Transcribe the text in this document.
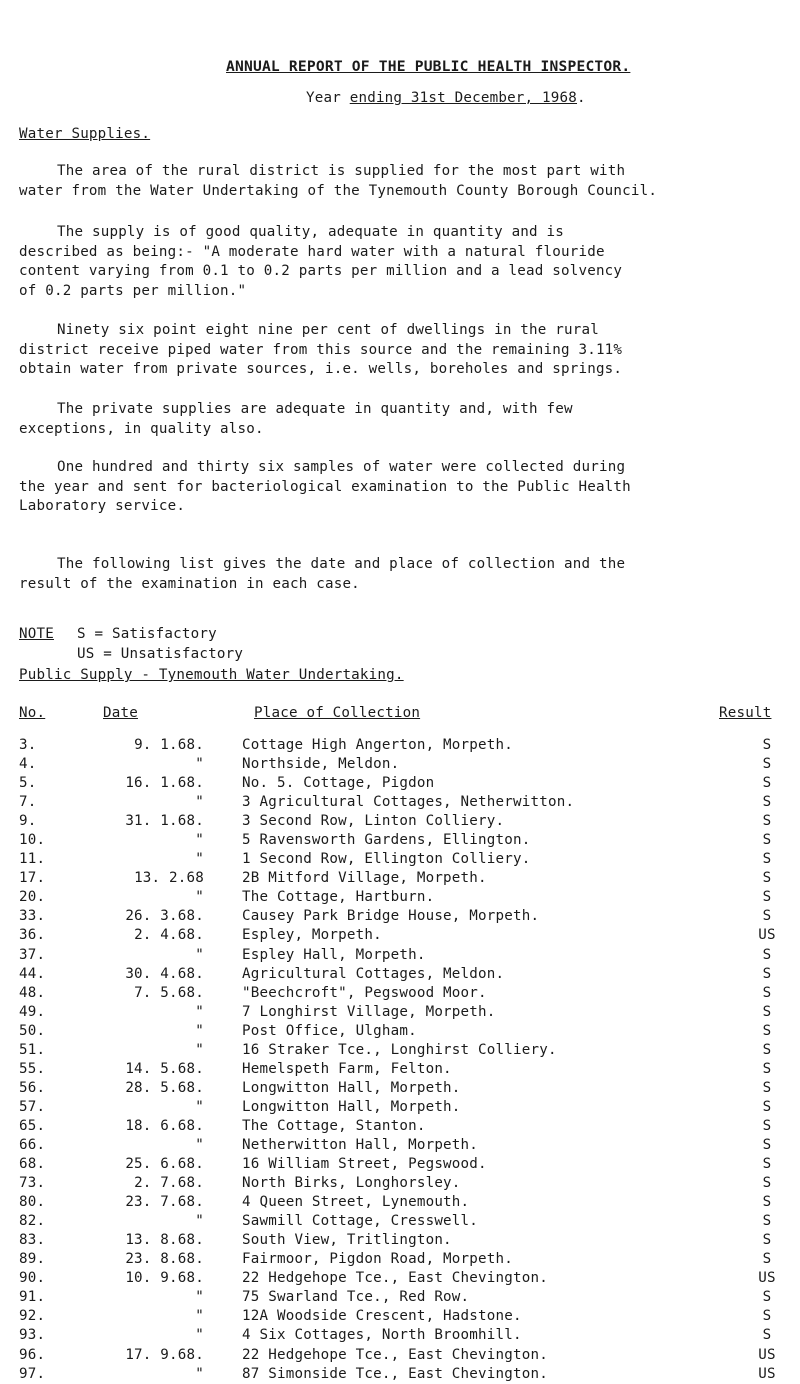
ANNUAL REPORT OF THE PUBLIC HEALTH INSPECTOR.
Year ending 31st December, 1968.
Water Supplies.

The area of the rural district is supplied for the most part with

water from the Water Undertaking of the Tynemouth County Borough Council.

The supply is of good quality, adequate in quantity and is

described as being:- "A moderate hard water with a natural flouride

content varying from 0.1 to 0.2 parts per million and a lead solvency

of 0.2 parts per million."

Ninety six point eight nine per cent of dwellings in the rural

district receive piped water from this source and the remaining 3.11%

obtain water from private sources, i.e. wells, boreholes and springs.

The private supplies are adequate in quantity and, with few

exceptions, in quality also.

One hundred and thirty six samples of water were collected during

the year and sent for bacteriological examination to the Public Health

Laboratory service.

The following list gives the date and place of collection and the

result of the examination in each case.

NOTE S = Satisfactory
US = Unsatisfactory
Public Supply - Tynemouth Water Undertaking.
No.	Date	Place of Collection	Result
3.	9. 1.68.	Cottage High Angerton, Morpeth.	S
4.	"	Northside, Meldon.	S
5.	16. 1.68.	No. 5. Cottage, Pigdon	S
7.	"	3 Agricultural Cottages, Netherwitton.	S
9.	31. 1.68.	3 Second Row, Linton Colliery.	S
10.	"	5 Ravensworth Gardens, Ellington.	S
11.	"	1 Second Row, Ellington Colliery.	S
17.	13. 2.68	2B Mitford Village, Morpeth.	S
20.	"	The Cottage, Hartburn.	S
33.	26. 3.68.	Causey Park Bridge House, Morpeth.	S
36.	2. 4.68.	Espley, Morpeth.	US
37.	"	Espley Hall, Morpeth.	S
44.	30. 4.68.	Agricultural Cottages, Meldon.	S
48.	7. 5.68.	"Beechcroft", Pegswood Moor.	S
49.	"	7 Longhirst Village, Morpeth.	S
50.	"	Post Office, Ulgham.	S
51.	"	16 Straker Tce., Longhirst Colliery.	S
55.	14. 5.68.	Hemelspeth Farm, Felton.	S
56.	28. 5.68.	Longwitton Hall, Morpeth.	S
57.	"	Longwitton Hall, Morpeth.	S
65.	18. 6.68.	The Cottage, Stanton.	S
66.	"	Netherwitton Hall, Morpeth.	S
68.	25. 6.68.	16 William Street, Pegswood.	S
73.	2. 7.68.	North Birks, Longhorsley.	S
80.	23. 7.68.	4 Queen Street, Lynemouth.	S
82.	"	Sawmill Cottage, Cresswell.	S
83.	13. 8.68.	South View, Tritlington.	S
89.	23. 8.68.	Fairmoor, Pigdon Road, Morpeth.	S
90.	10. 9.68.	22 Hedgehope Tce., East Chevington.	US
91.	"	75 Swarland Tce., Red Row.	S
92.	"	12A Woodside Crescent, Hadstone.	S
93.	"	4 Six Cottages, North Broomhill.	S
96.	17. 9.68.	22 Hedgehope Tce., East Chevington.	US
97.	"	87 Simonside Tce., East Chevington.	US
